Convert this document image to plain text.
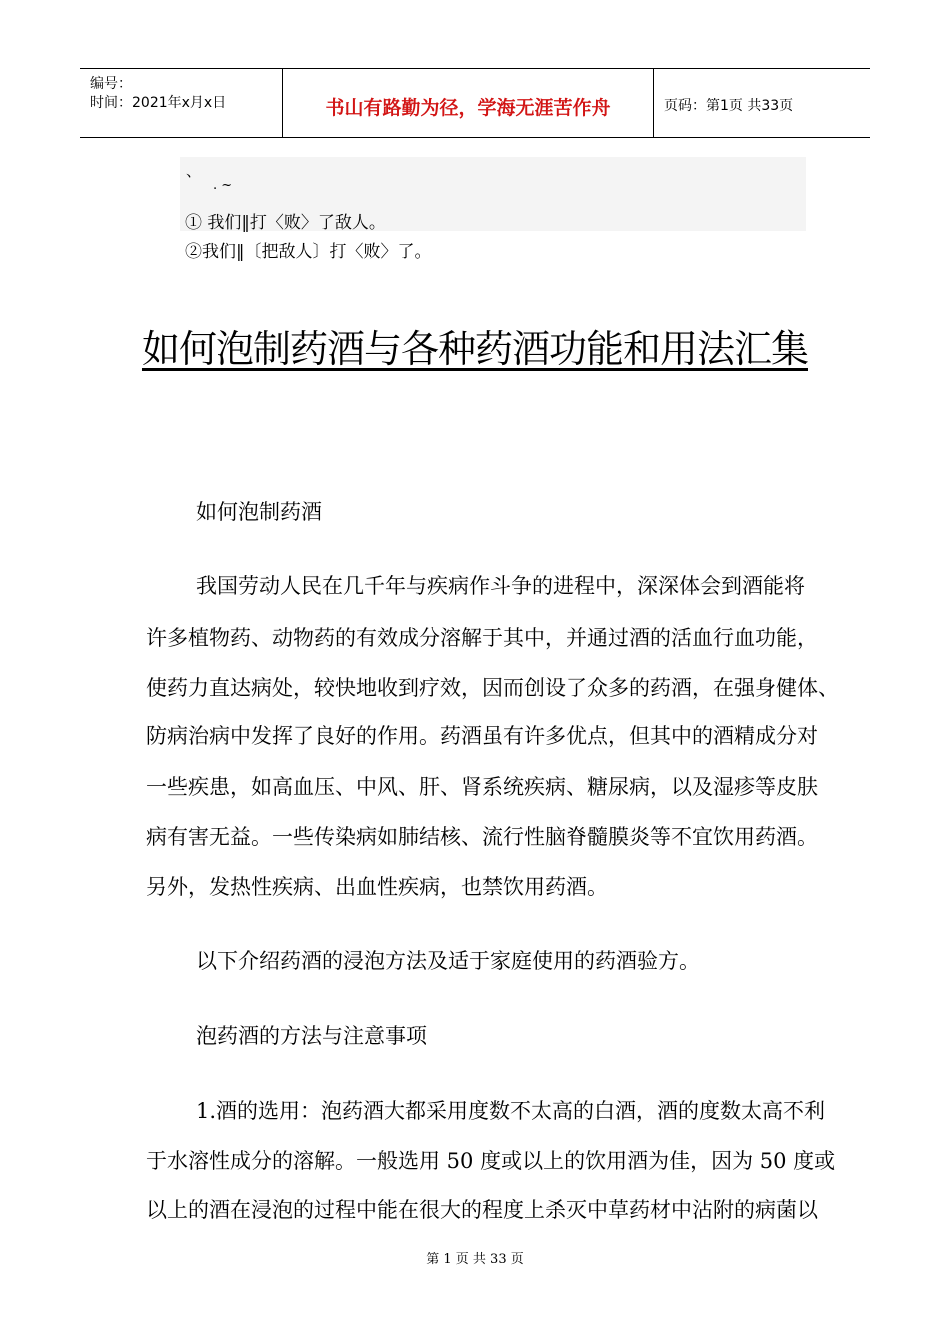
编号：
时间：2021年x月x日	书山有路勤为径，学海无涯苦作舟	页码：第1页 共33页
、
. ~
① 我们‖打〈败〉了敌人。
②我们‖〔把敌人〕打〈败〉了。
如何泡制药酒与各种药酒功能和用法汇集
如何泡制药酒
我国劳动人民在几千年与疾病作斗争的进程中，深深体会到酒能将
许多植物药、动物药的有效成分溶解于其中，并通过酒的活血行血功能，
使药力直达病处，较快地收到疗效，因而创设了众多的药酒，在强身健体、
防病治病中发挥了良好的作用。药酒虽有许多优点，但其中的酒精成分对
一些疾患，如高血压、中风、肝、肾系统疾病、糖尿病，以及湿疹等皮肤
病有害无益。一些传染病如肺结核、流行性脑脊髓膜炎等不宜饮用药酒。
另外，发热性疾病、出血性疾病，也禁饮用药酒。
以下介绍药酒的浸泡方法及适于家庭使用的药酒验方。
泡药酒的方法与注意事项
1.酒的选用：泡药酒大都采用度数不太高的白酒，酒的度数太高不利
于水溶性成分的溶解。一般选用 50 度或以上的饮用酒为佳，因为 50 度或
以上的酒在浸泡的过程中能在很大的程度上杀灭中草药材中沾附的病菌以
第 1 页 共 33 页
